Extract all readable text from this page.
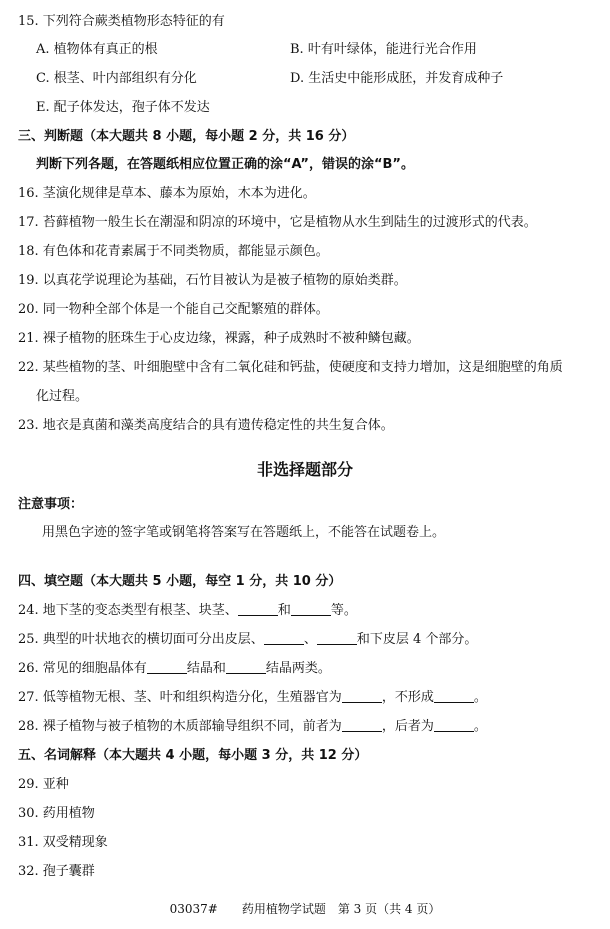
15. 下列符合蕨类植物形态特征的有
A. 植物体有真正的根	B. 叶有叶绿体，能进行光合作用
C. 根茎、叶内部组织有分化	D. 生活史中能形成胚，并发育成种子
E. 配子体发达，孢子体不发达
三、判断题（本大题共 8 小题，每小题 2 分，共 16 分）
判断下列各题，在答题纸相应位置正确的涂“A”，错误的涂“B”。
16. 茎演化规律是草本、藤本为原始，木本为进化。
17. 苔藓植物一般生长在潮湿和阴凉的环境中，它是植物从水生到陆生的过渡形式的代表。
18. 有色体和花青素属于不同类物质，都能显示颜色。
19. 以真花学说理论为基础，石竹目被认为是被子植物的原始类群。
20. 同一物种全部个体是一个能自己交配繁殖的群体。
21. 裸子植物的胚珠生于心皮边缘，裸露，种子成熟时不被种鳞包藏。
22. 某些植物的茎、叶细胞壁中含有二氧化硅和钙盐，使硬度和支持力增加，这是细胞壁的角质
化过程。
23. 地衣是真菌和藻类高度结合的具有遗传稳定性的共生复合体。
非选择题部分
注意事项：
用黑色字迹的签字笔或钢笔将答案写在答题纸上，不能答在试题卷上。
四、填空题（本大题共 5 小题，每空 1 分，共 10 分）
24. 地下茎的变态类型有根茎、块茎、	和	等。
25. 典型的叶状地衣的横切面可分出皮层、	、	和下皮层 4 个部分。
26. 常见的细胞晶体有	结晶和	结晶两类。
27. 低等植物无根、茎、叶和组织构造分化，生殖器官为	，不形成	。
28. 裸子植物与被子植物的木质部输导组织不同，前者为	，后者为	。
五、名词解释（本大题共 4 小题，每小题 3 分，共 12 分）
29. 亚种
30. 药用植物
31. 双受精现象
32. 孢子囊群
03037#　　药用植物学试题　第 3 页（共 4 页）
